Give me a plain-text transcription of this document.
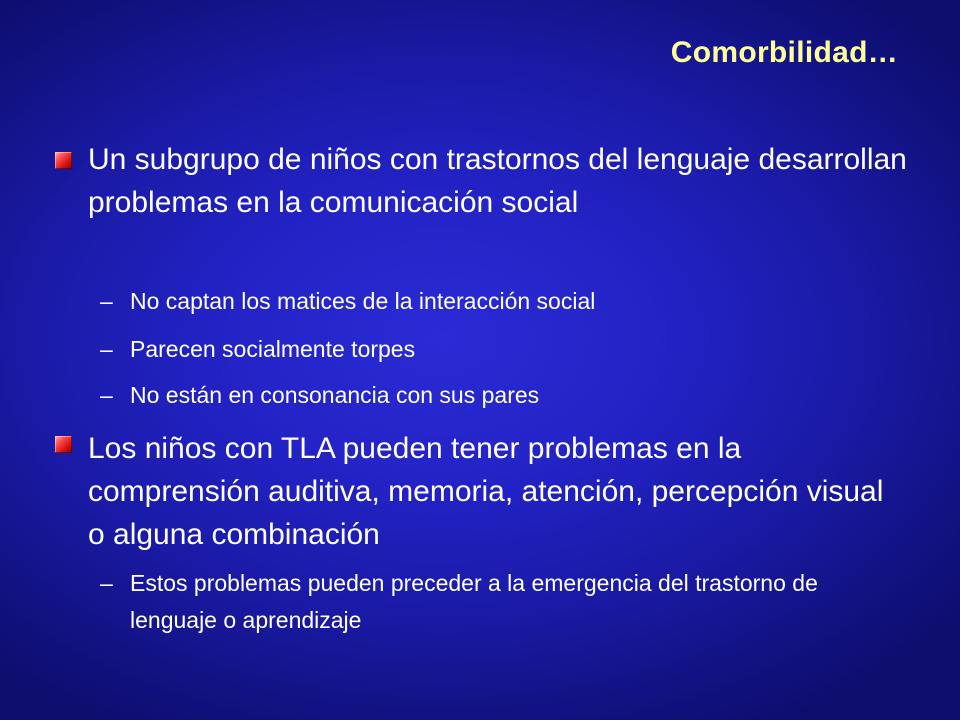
Comorbilidad…

Un subgrupo de niños con trastornos del lenguaje desarrollan problemas en la comunicación social

– No captan los matices de la interacción social
– Parecen socialmente torpes
– No están en consonancia con sus pares

Los niños con TLA pueden tener problemas en la comprensión auditiva, memoria, atención, percepción visual o alguna combinación

– Estos problemas pueden preceder a la emergencia del trastorno de lenguaje o aprendizaje
